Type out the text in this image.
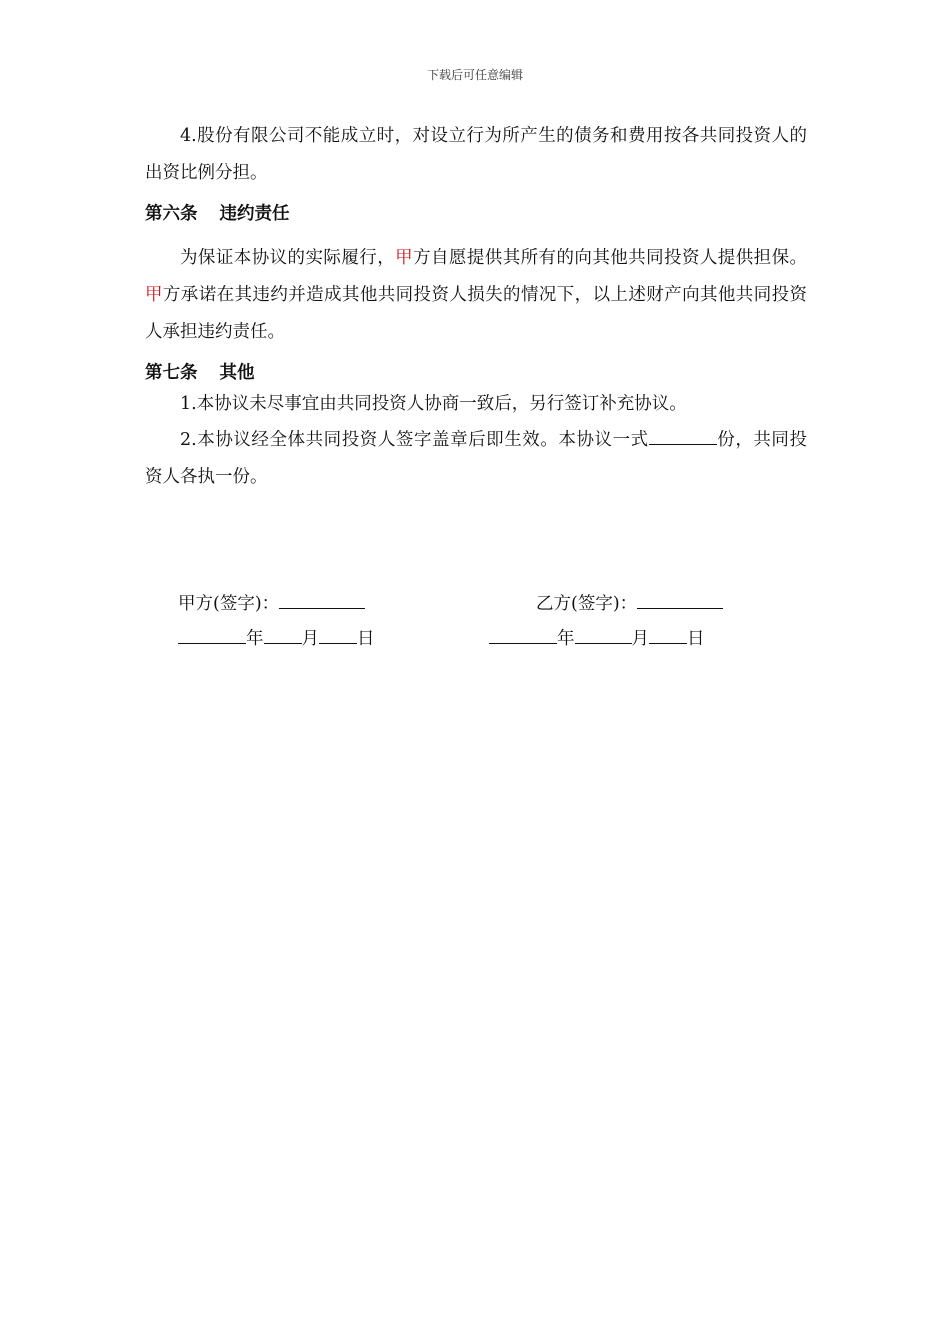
下载后可任意编辑
4.股份有限公司不能成立时，对设立行为所产生的债务和费用按各共同投资人的出资比例分担。
第六条 违约责任
为保证本协议的实际履行，甲方自愿提供其所有的向其他共同投资人提供担保。甲方承诺在其违约并造成其他共同投资人损失的情况下，以上述财产向其他共同投资人承担违约责任。
第七条 其他
1.本协议未尽事宜由共同投资人协商一致后，另行签订补充协议。
2.本协议经全体共同投资人签字盖章后即生效。本协议一式	份，共同投资人各执一份。
甲方(签字)：	乙方(签字)：
年 月 日	年	月 日
